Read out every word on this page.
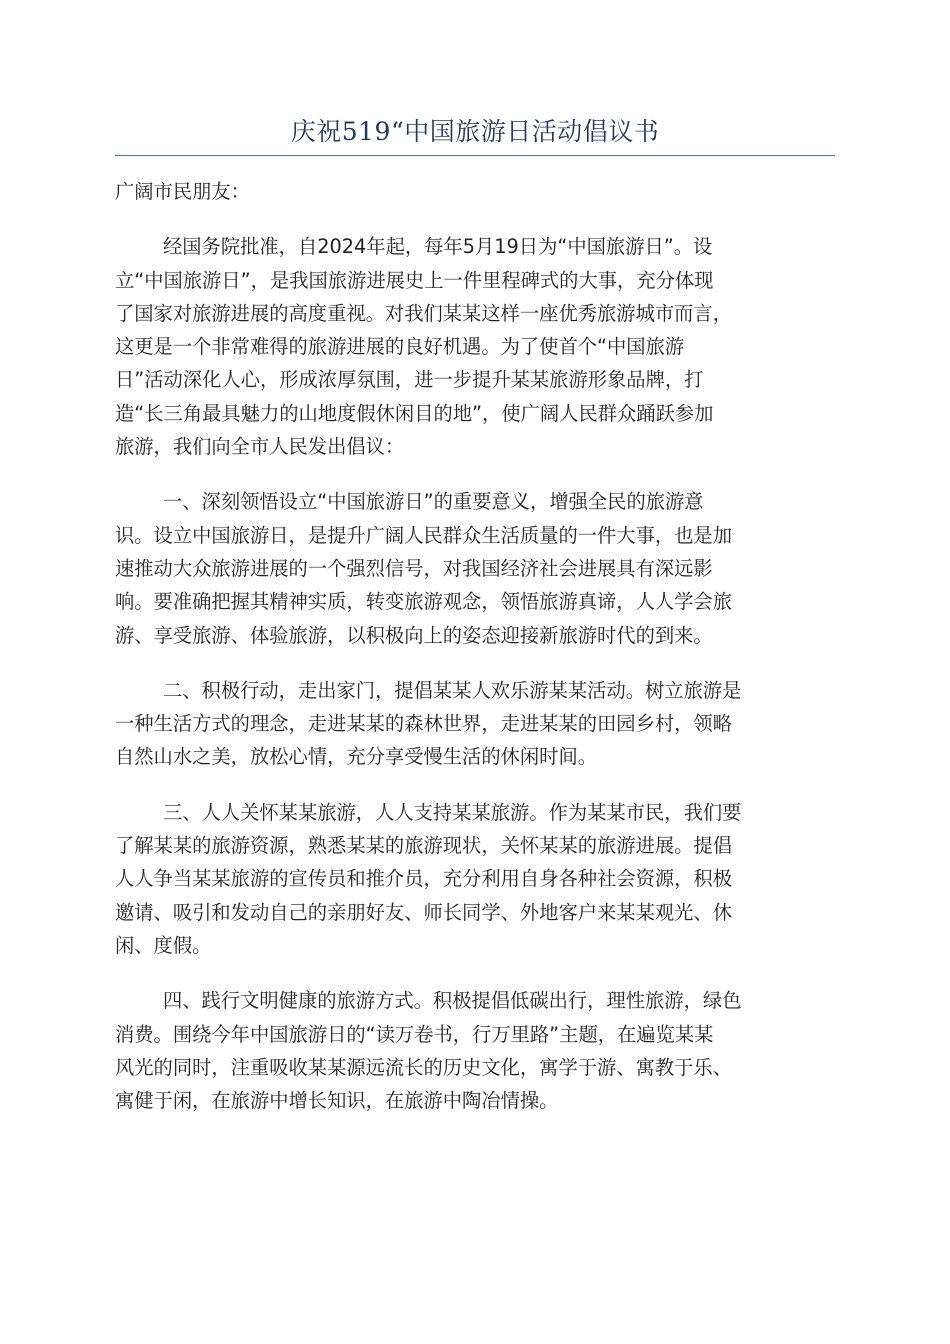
庆祝519“中国旅游日活动倡议书
广阔市民朋友：
经国务院批准，自2024年起，每年5月19日为“中国旅游日”。设
立“中国旅游日”，是我国旅游进展史上一件里程碑式的大事，充分体现
了国家对旅游进展的高度重视。对我们某某这样一座优秀旅游城市而言，
这更是一个非常难得的旅游进展的良好机遇。为了使首个“中国旅游
日”活动深化人心，形成浓厚氛围，进一步提升某某旅游形象品牌，打
造“长三角最具魅力的山地度假休闲目的地”，使广阔人民群众踊跃参加
旅游，我们向全市人民发出倡议：
一、深刻领悟设立“中国旅游日”的重要意义，增强全民的旅游意
识。设立中国旅游日，是提升广阔人民群众生活质量的一件大事，也是加
速推动大众旅游进展的一个强烈信号，对我国经济社会进展具有深远影
响。要准确把握其精神实质，转变旅游观念，领悟旅游真谛，人人学会旅
游、享受旅游、体验旅游，以积极向上的姿态迎接新旅游时代的到来。
二、积极行动，走出家门，提倡某某人欢乐游某某活动。树立旅游是
一种生活方式的理念，走进某某的森林世界，走进某某的田园乡村，领略
自然山水之美，放松心情，充分享受慢生活的休闲时间。
三、人人关怀某某旅游，人人支持某某旅游。作为某某市民，我们要
了解某某的旅游资源，熟悉某某的旅游现状，关怀某某的旅游进展。提倡
人人争当某某旅游的宣传员和推介员，充分利用自身各种社会资源，积极
邀请、吸引和发动自己的亲朋好友、师长同学、外地客户来某某观光、休
闲、度假。
四、践行文明健康的旅游方式。积极提倡低碳出行，理性旅游，绿色
消费。围绕今年中国旅游日的“读万卷书，行万里路”主题，在遍览某某
风光的同时，注重吸收某某源远流长的历史文化，寓学于游、寓教于乐、
寓健于闲，在旅游中增长知识，在旅游中陶冶情操。
